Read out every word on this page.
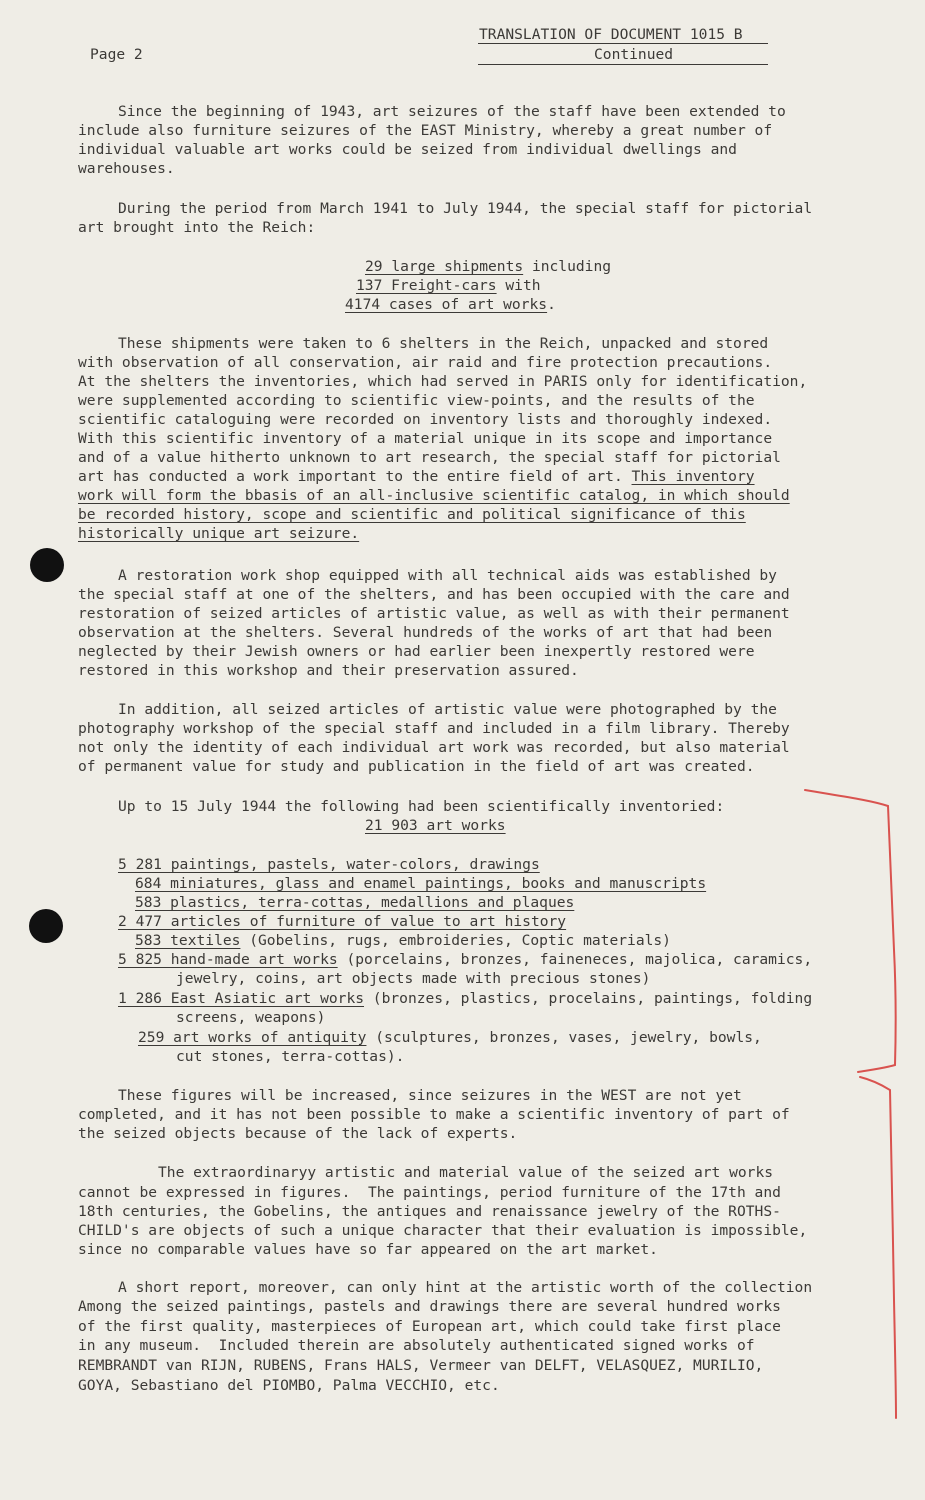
Page 2
TRANSLATION OF DOCUMENT 1015 B
Continued
Since the beginning of 1943, art seizures of the staff have been extended to
include also furniture seizures of the EAST Ministry, whereby a great number of
individual valuable art works could be seized from individual dwellings and
warehouses.
During the period from March 1941 to July 1944, the special staff for pictorial
art brought into the Reich:
29 large shipments including
137 Freight-cars with
4174 cases of art works.
These shipments were taken to 6 shelters in the Reich, unpacked and stored
with observation of all conservation, air raid and fire protection precautions.
At the shelters the inventories, which had served in PARIS only for identification,
were supplemented according to scientific view-points, and the results of the
scientific cataloguing were recorded on inventory lists and thoroughly indexed.
With this scientific inventory of a material unique in its scope and importance
and of a value hitherto unknown to art research, the special staff for pictorial
art has conducted a work important to the entire field of art. This inventory
work will form the bbasis of an all-inclusive scientific catalog, in which should
be recorded history, scope and scientific and political significance of this
historically unique art seizure.
A restoration work shop equipped with all technical aids was established by
the special staff at one of the shelters, and has been occupied with the care and
restoration of seized articles of artistic value, as well as with their permanent
observation at the shelters. Several hundreds of the works of art that had been
neglected by their Jewish owners or had earlier been inexpertly restored were
restored in this workshop and their preservation assured.
In addition, all seized articles of artistic value were photographed by the
photography workshop of the special staff and included in a film library. Thereby
not only the identity of each individual art work was recorded, but also material
of permanent value for study and publication in the field of art was created.
Up to 15 July 1944 the following had been scientifically inventoried:
21 903 art works
5 281 paintings, pastels, water-colors, drawings
684 miniatures, glass and enamel paintings, books and manuscripts
583 plastics, terra-cottas, medallions and plaques
2 477 articles of furniture of value to art history
583 textiles (Gobelins, rugs, embroideries, Coptic materials)
5 825 hand-made art works (porcelains, bronzes, faineneces, majolica, caramics,
jewelry, coins, art objects made with precious stones)
1 286 East Asiatic art works (bronzes, plastics, procelains, paintings, folding
screens, weapons)
259 art works of antiquity (sculptures, bronzes, vases, jewelry, bowls,
cut stones, terra-cottas).
These figures will be increased, since seizures in the WEST are not yet
completed, and it has not been possible to make a scientific inventory of part of
the seized objects because of the lack of experts.
The extraordinaryy artistic and material value of the seized art works
cannot be expressed in figures.  The paintings, period furniture of the 17th and
18th centuries, the Gobelins, the antiques and renaissance jewelry of the ROTHS-
CHILD's are objects of such a unique character that their evaluation is impossible,
since no comparable values have so far appeared on the art market.
A short report, moreover, can only hint at the artistic worth of the collection
Among the seized paintings, pastels and drawings there are several hundred works
of the first quality, masterpieces of European art, which could take first place
in any museum.  Included therein are absolutely authenticated signed works of
REMBRANDT van RIJN, RUBENS, Frans HALS, Vermeer van DELFT, VELASQUEZ, MURILIO,
GOYA, Sebastiano del PIOMBO, Palma VECCHIO, etc.
